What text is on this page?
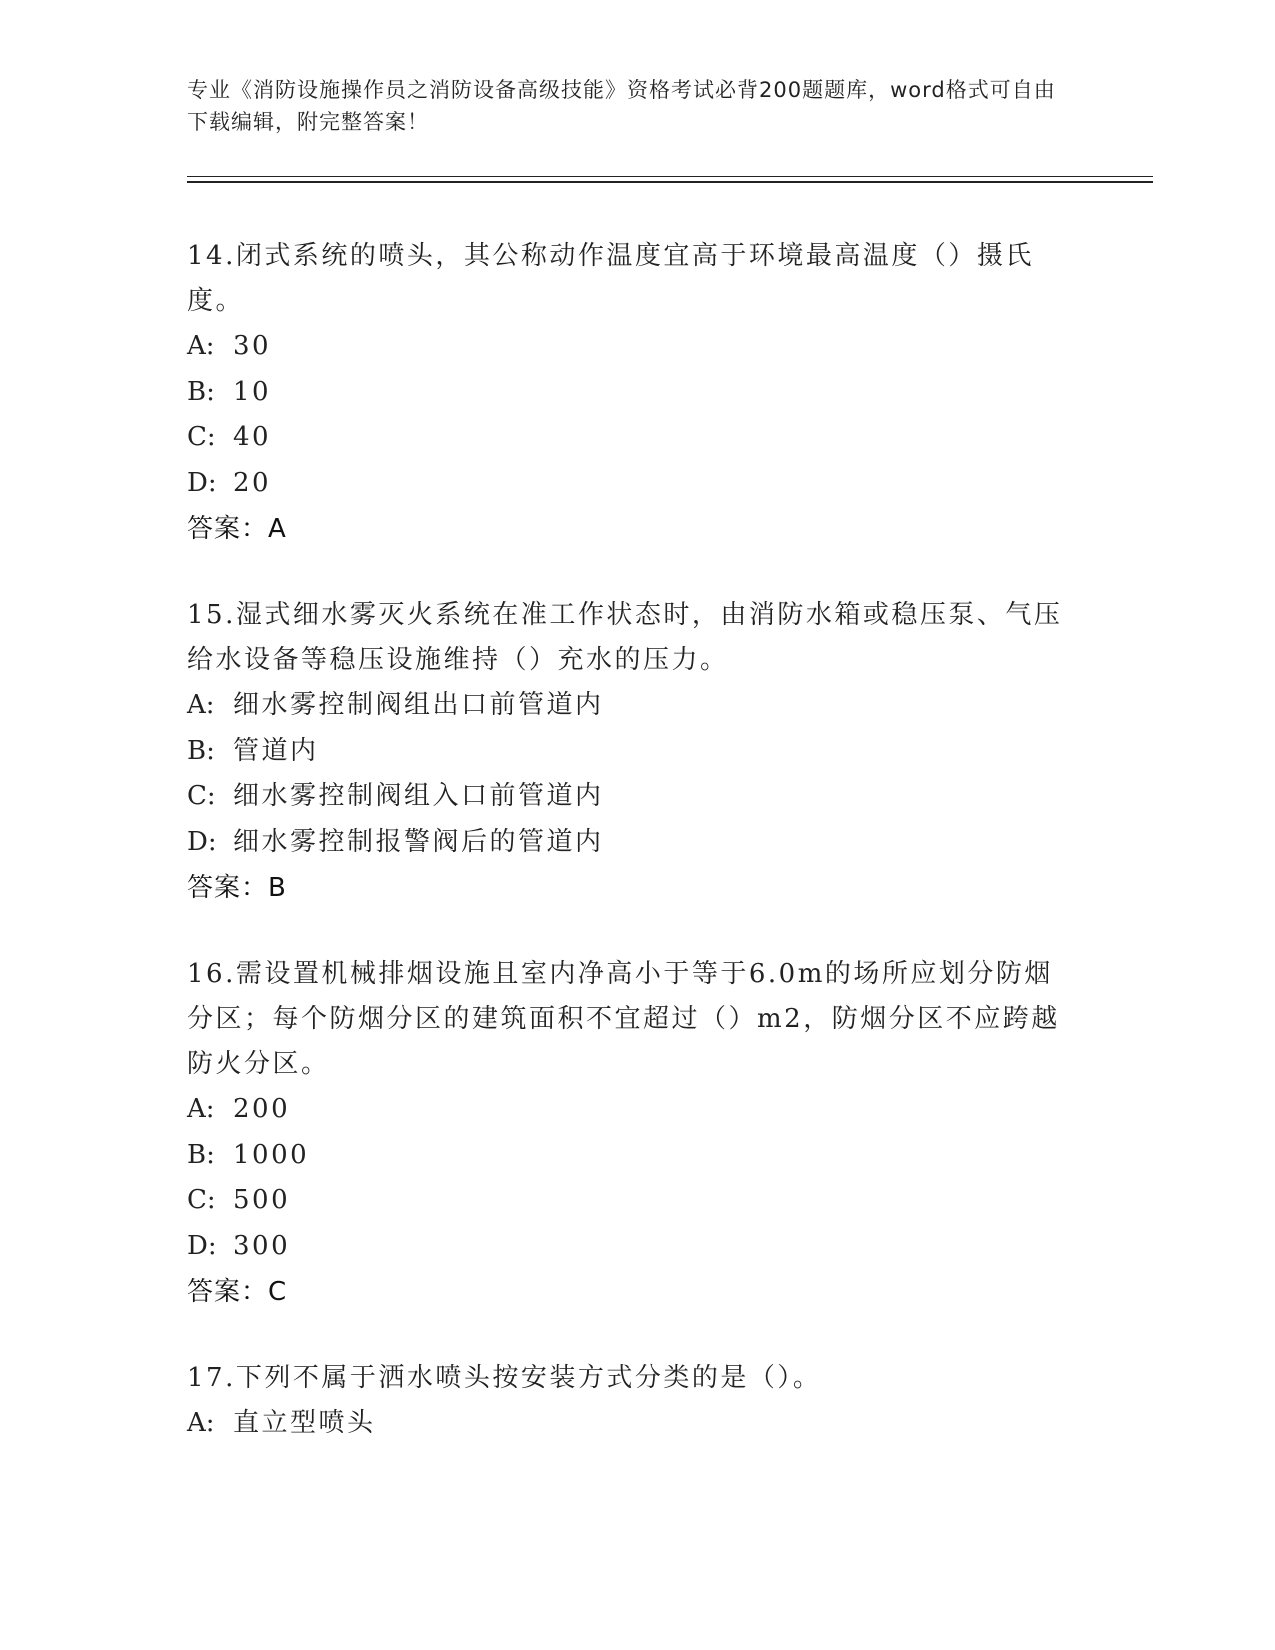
专业《消防设施操作员之消防设备高级技能》资格考试必背200题题库，word格式可自由下载编辑，附完整答案！

14.闭式系统的喷头，其公称动作温度宜高于环境最高温度（）摄氏度。

A: 30
B: 10
C: 40
D: 20
答案：A

15.湿式细水雾灭火系统在准工作状态时，由消防水箱或稳压泵、气压给水设备等稳压设施维持（）充水的压力。

A: 细水雾控制阀组出口前管道内
B: 管道内
C: 细水雾控制阀组入口前管道内
D: 细水雾控制报警阀后的管道内
答案：B

16.需设置机械排烟设施且室内净高小于等于6.0m的场所应划分防烟分区；每个防烟分区的建筑面积不宜超过（）m2，防烟分区不应跨越防火分区。

A: 200
B: 1000
C: 500
D: 300
答案：C

17.下列不属于洒水喷头按安装方式分类的是（）。

A: 直立型喷头
